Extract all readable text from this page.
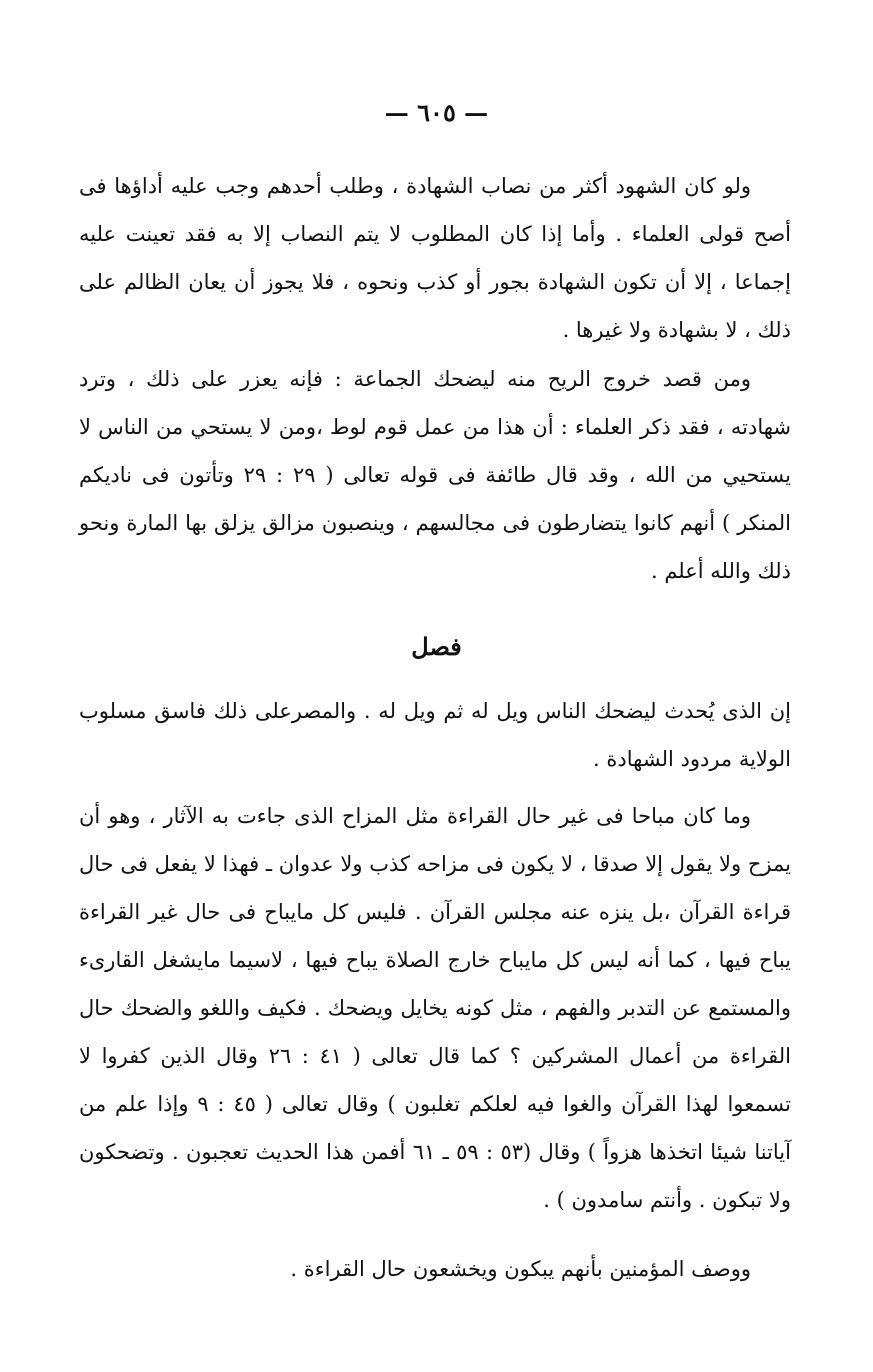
— ٦٠٥ —
ولو كان الشهود أكثر من نصاب الشهادة ، وطلب أحدهم وجب عليه أداؤها فى أصح قولى العلماء . وأما إذا كان المطلوب لا يتم النصاب إلا به فقد تعينت عليه إجماعا ، إلا أن تكون الشهادة بجور أو كذب ونحوه ، فلا يجوز أن يعان الظالم على ذلك ، لا بشهادة ولا غيرها .
ومن قصد خروج الريح منه ليضحك الجماعة : فإنه يعزر على ذلك ، وترد شهادته ، فقد ذكر العلماء : أن هذا من عمل قوم لوط ،ومن لا يستحي من الناس لا يستحيي من الله ، وقد قال طائفة فى قوله تعالى ( ٢٩ : ٢٩ وتأتون فى ناديكم المنكر ) أنهم كانوا يتضارطون فى مجالسهم ، وينصبون مزالق يزلق بها المارة ونحو ذلك والله أعلم .
فصل
إن الذى يُحدث ليضحك الناس ويل له ثم ويل له . والمصرعلى ذلك فاسق مسلوب الولاية مردود الشهادة .
وما كان مباحا فى غير حال القراءة مثل المزاح الذى جاءت به الآثار ، وهو أن يمزح ولا يقول إلا صدقا ، لا يكون فى مزاحه كذب ولا عدوان ـ فهذا لا يفعل فى حال قراءة القرآن ،بل ينزه عنه مجلس القرآن . فليس كل مايباح فى حال غير القراءة يباح فيها ، كما أنه ليس كل مايباح خارج الصلاة يباح فيها ، لاسيما مايشغل القارىء والمستمع عن التدبر والفهم ، مثل كونه يخايل ويضحك . فكيف واللغو والضحك حال القراءة من أعمال المشركين ؟ كما قال تعالى ( ٤١ : ٢٦ وقال الذين كفروا لا تسمعوا لهذا القرآن والغوا فيه لعلكم تغلبون ) وقال تعالى ( ٤٥ : ٩ وإذا علم من آياتنا شيئا اتخذها هزواً ) وقال (٥٣ : ٥٩ ـ ٦١ أفمن هذا الحديث تعجبون . وتضحكون ولا تبكون . وأنتم سامدون ) .
ووصف المؤمنين بأنهم يبكون ويخشعون حال القراءة .
